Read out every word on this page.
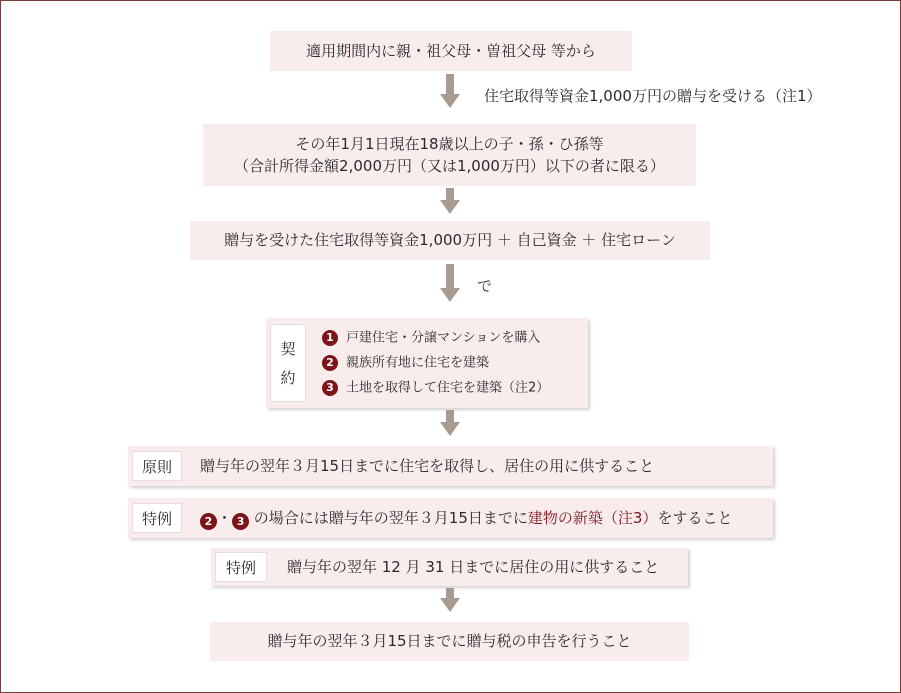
適用期間内に親・祖父母・曽祖父母 等から
住宅取得等資金1,000万円の贈与を受ける（注1）
その年1月1日現在18歳以上の子・孫・ひ孫等
（合計所得金額2,000万円（又は1,000万円）以下の者に限る）
贈与を受けた住宅取得等資金1,000万円 ＋ 自己資金 ＋ 住宅ローン
で
契
約
1 戸建住宅・分譲マンションを購入
2 親族所有地に住宅を建築
3 土地を取得して住宅を建築（注2）
原則	贈与年の翌年３月15日までに住宅を取得し、居住の用に供すること
特例	2 ・ 3 の場合には贈与年の翌年３月15日までに建物の新築（注3）をすること
特例	贈与年の翌年 12 月 31 日までに居住の用に供すること
贈与年の翌年３月15日までに贈与税の申告を行うこと
